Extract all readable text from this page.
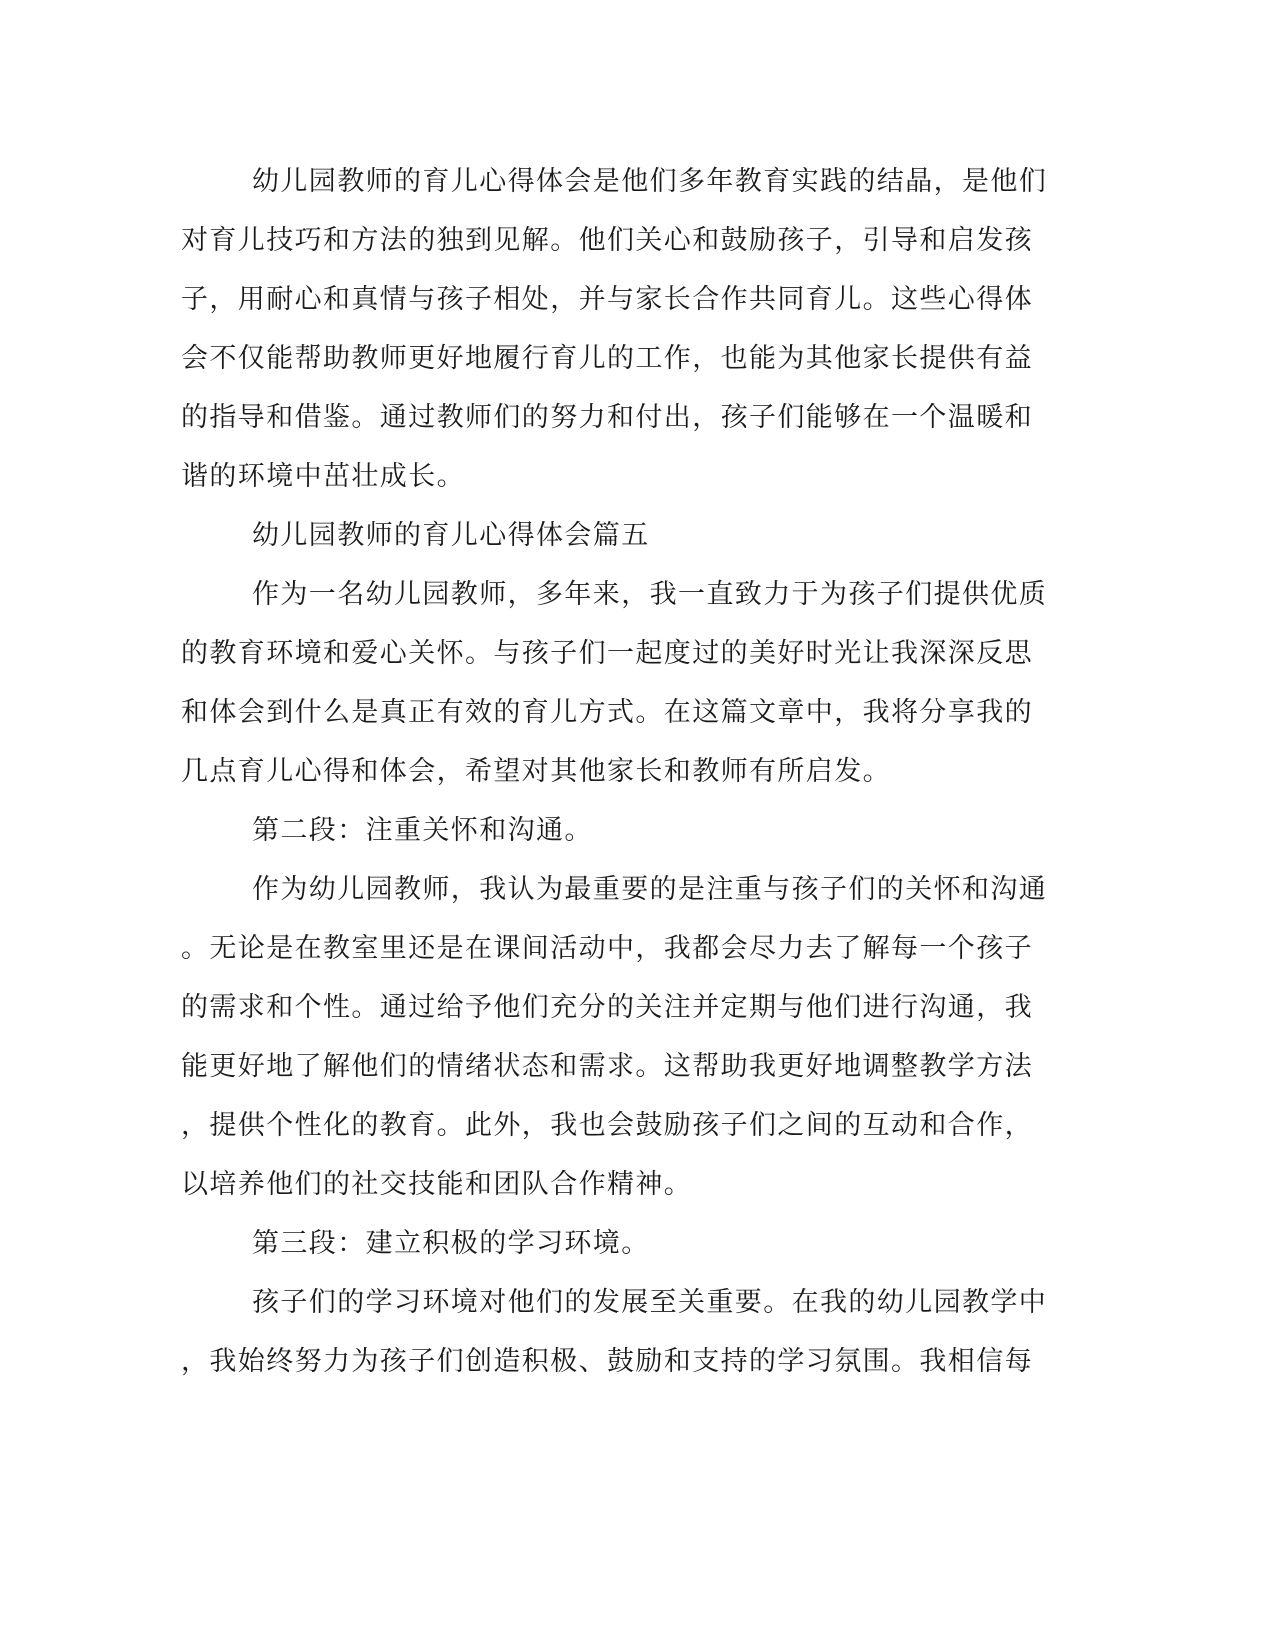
幼儿园教师的育儿心得体会是他们多年教育实践的结晶，是他们
对育儿技巧和方法的独到见解。他们关心和鼓励孩子，引导和启发孩
子，用耐心和真情与孩子相处，并与家长合作共同育儿。这些心得体
会不仅能帮助教师更好地履行育儿的工作，也能为其他家长提供有益
的指导和借鉴。通过教师们的努力和付出，孩子们能够在一个温暖和
谐的环境中茁壮成长。
幼儿园教师的育儿心得体会篇五
作为一名幼儿园教师，多年来，我一直致力于为孩子们提供优质
的教育环境和爱心关怀。与孩子们一起度过的美好时光让我深深反思
和体会到什么是真正有效的育儿方式。在这篇文章中，我将分享我的
几点育儿心得和体会，希望对其他家长和教师有所启发。
第二段：注重关怀和沟通。
作为幼儿园教师，我认为最重要的是注重与孩子们的关怀和沟通
。无论是在教室里还是在课间活动中，我都会尽力去了解每一个孩子
的需求和个性。通过给予他们充分的关注并定期与他们进行沟通，我
能更好地了解他们的情绪状态和需求。这帮助我更好地调整教学方法
，提供个性化的教育。此外，我也会鼓励孩子们之间的互动和合作，
以培养他们的社交技能和团队合作精神。
第三段：建立积极的学习环境。
孩子们的学习环境对他们的发展至关重要。在我的幼儿园教学中
，我始终努力为孩子们创造积极、鼓励和支持的学习氛围。我相信每
